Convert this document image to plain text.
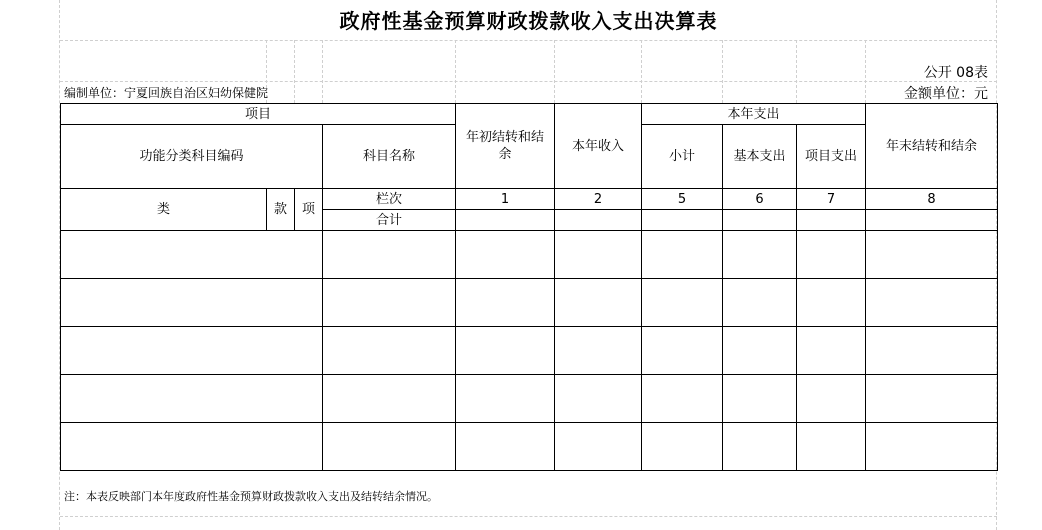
政府性基金预算财政拨款收入支出决算表
公开 08表
编制单位：宁夏回族自治区妇幼保健院	金额单位：元
项目				年初结转和结余	本年收入	本年支出			年末结转和结余
功能分类科目编码			科目名称			小计	基本支出	项目支出	
类	款	项	栏次	1	2	5	6	7	8
			合计						

注：本表反映部门本年度政府性基金预算财政拨款收入支出及结转结余情况。
